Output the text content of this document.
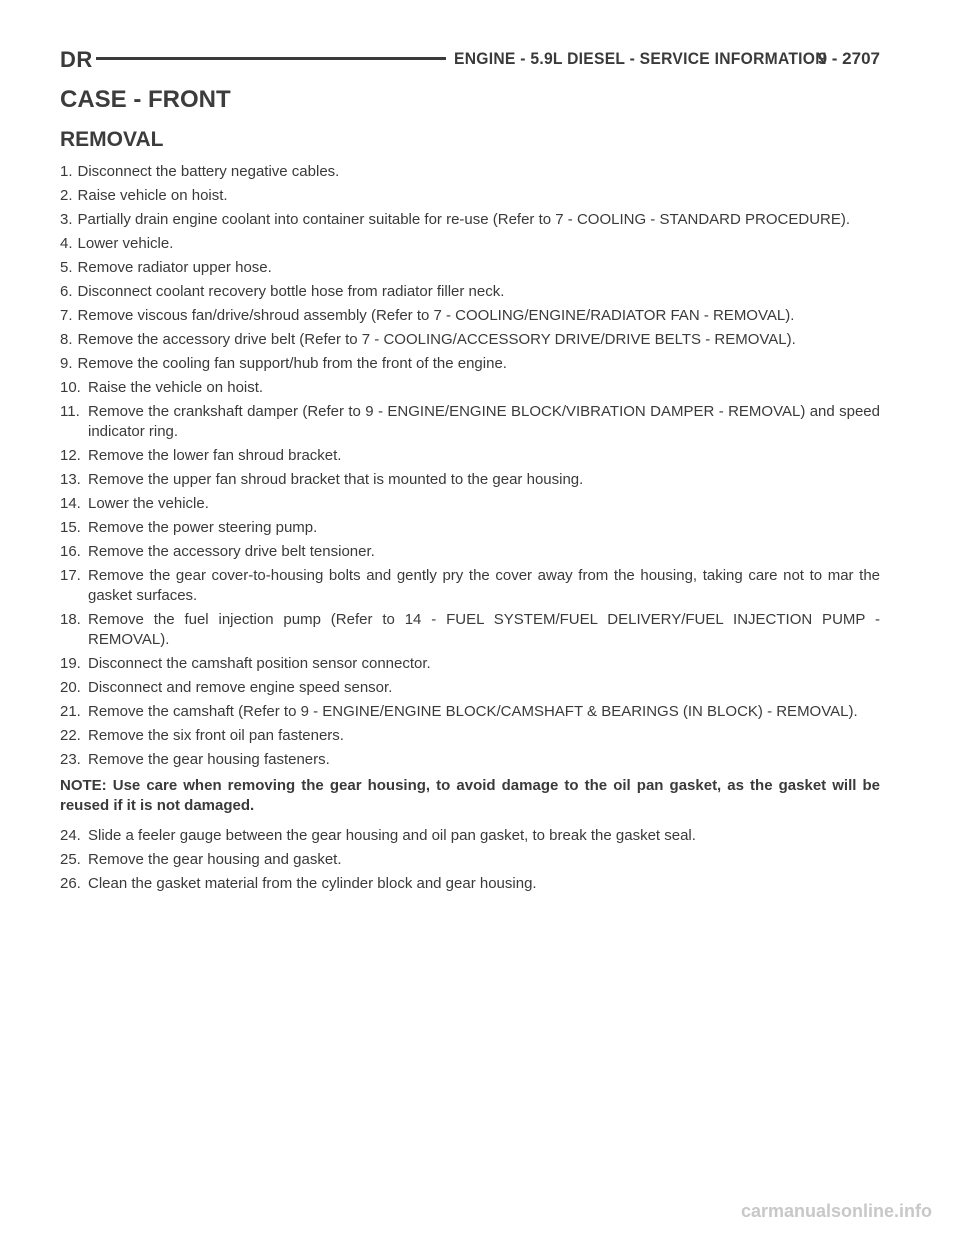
DR	ENGINE - 5.9L DIESEL - SERVICE INFORMATION
9 - 2707
CASE - FRONT
REMOVAL
1. Disconnect the battery negative cables.
2. Raise vehicle on hoist.
3. Partially drain engine coolant into container suitable for re-use (Refer to 7 - COOLING - STANDARD PROCEDURE).
4. Lower vehicle.
5. Remove radiator upper hose.
6. Disconnect coolant recovery bottle hose from radiator filler neck.
7. Remove viscous fan/drive/shroud assembly (Refer to 7 - COOLING/ENGINE/RADIATOR FAN - REMOVAL).
8. Remove the accessory drive belt (Refer to 7 - COOLING/ACCESSORY DRIVE/DRIVE BELTS - REMOVAL).
9. Remove the cooling fan support/hub from the front of the engine.
10. Raise the vehicle on hoist.
11. Remove the crankshaft damper (Refer to 9 - ENGINE/ENGINE BLOCK/VIBRATION DAMPER - REMOVAL) and speed indicator ring.
12. Remove the lower fan shroud bracket.
13. Remove the upper fan shroud bracket that is mounted to the gear housing.
14. Lower the vehicle.
15. Remove the power steering pump.
16. Remove the accessory drive belt tensioner.
17. Remove the gear cover-to-housing bolts and gently pry the cover away from the housing, taking care not to mar the gasket surfaces.
18. Remove the fuel injection pump (Refer to 14 - FUEL SYSTEM/FUEL DELIVERY/FUEL INJECTION PUMP - REMOVAL).
19. Disconnect the camshaft position sensor connector.
20. Disconnect and remove engine speed sensor.
21. Remove the camshaft (Refer to 9 - ENGINE/ENGINE BLOCK/CAMSHAFT & BEARINGS (IN BLOCK) - REMOVAL).
22. Remove the six front oil pan fasteners.
23. Remove the gear housing fasteners.
NOTE: Use care when removing the gear housing, to avoid damage to the oil pan gasket, as the gasket will be reused if it is not damaged.
24. Slide a feeler gauge between the gear housing and oil pan gasket, to break the gasket seal.
25. Remove the gear housing and gasket.
26. Clean the gasket material from the cylinder block and gear housing.
carmanualsonline.info
